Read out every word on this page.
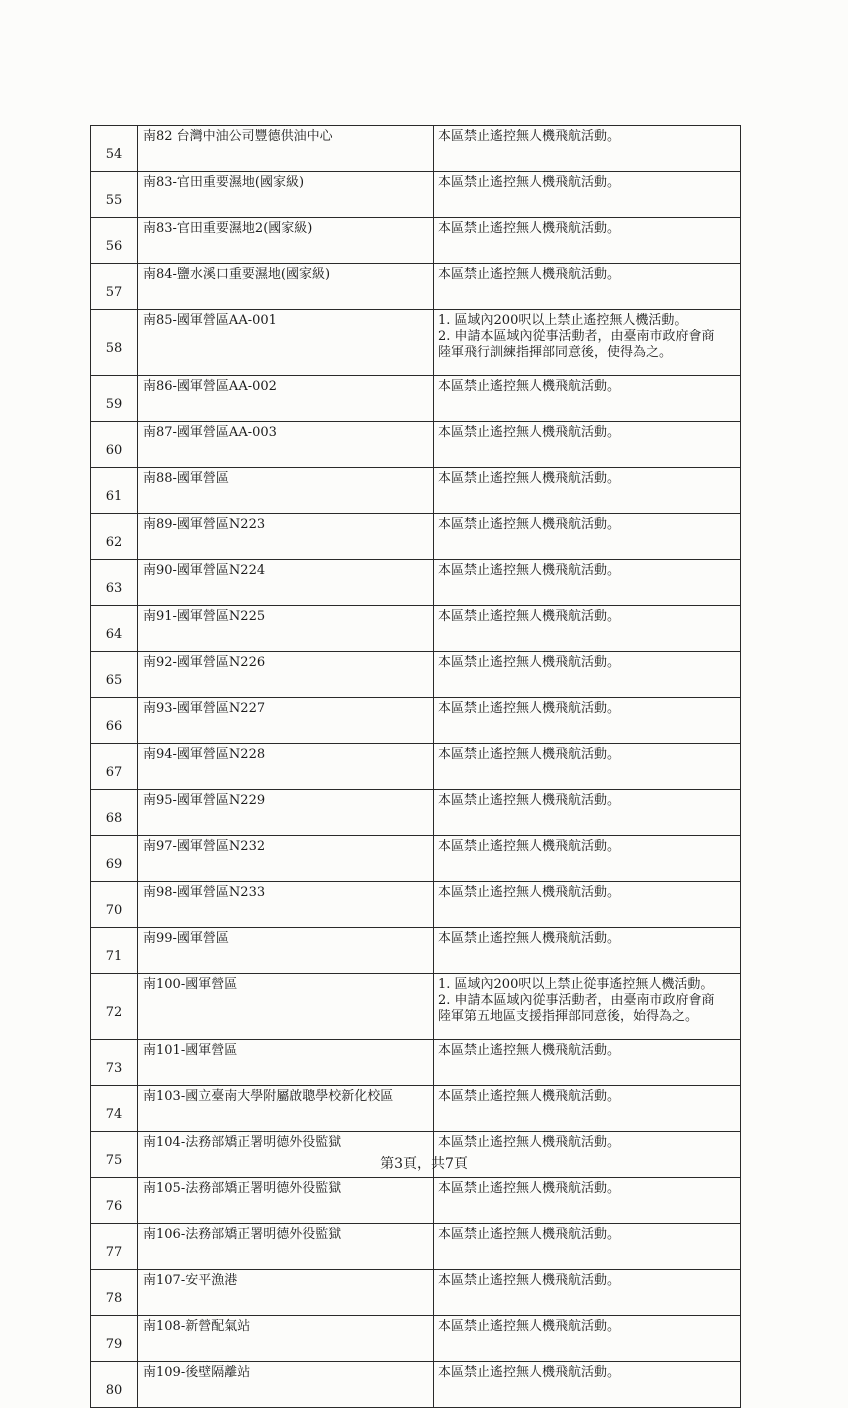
54	南82 台灣中油公司豐德供油中心	本區禁止遙控無人機飛航活動。

55	南83-官田重要濕地(國家級)	本區禁止遙控無人機飛航活動。

56	南83-官田重要濕地2(國家級)	本區禁止遙控無人機飛航活動。

57	南84-鹽水溪口重要濕地(國家級)	本區禁止遙控無人機飛航活動。

58	南85-國軍營區AA-001	1. 區域內200呎以上禁止遙控無人機活動。
2. 申請本區域內從事活動者，由臺南市政府會商
陸軍飛行訓練指揮部同意後，使得為之。

59	南86-國軍營區AA-002	本區禁止遙控無人機飛航活動。

60	南87-國軍營區AA-003	本區禁止遙控無人機飛航活動。

61	南88-國軍營區	本區禁止遙控無人機飛航活動。

62	南89-國軍營區N223	本區禁止遙控無人機飛航活動。

63	南90-國軍營區N224	本區禁止遙控無人機飛航活動。

64	南91-國軍營區N225	本區禁止遙控無人機飛航活動。

65	南92-國軍營區N226	本區禁止遙控無人機飛航活動。

66	南93-國軍營區N227	本區禁止遙控無人機飛航活動。

67	南94-國軍營區N228	本區禁止遙控無人機飛航活動。

68	南95-國軍營區N229	本區禁止遙控無人機飛航活動。

69	南97-國軍營區N232	本區禁止遙控無人機飛航活動。

70	南98-國軍營區N233	本區禁止遙控無人機飛航活動。

71	南99-國軍營區	本區禁止遙控無人機飛航活動。

72	南100-國軍營區	1. 區域內200呎以上禁止從事遙控無人機活動。
2. 申請本區域內從事活動者，由臺南市政府會商
陸軍第五地區支援指揮部同意後，始得為之。

73	南101-國軍營區	本區禁止遙控無人機飛航活動。

74	南103-國立臺南大學附屬啟聰學校新化校區	本區禁止遙控無人機飛航活動。

75	南104-法務部矯正署明德外役監獄	本區禁止遙控無人機飛航活動。

76	南105-法務部矯正署明德外役監獄	本區禁止遙控無人機飛航活動。

77	南106-法務部矯正署明德外役監獄	本區禁止遙控無人機飛航活動。

78	南107-安平漁港	本區禁止遙控無人機飛航活動。

79	南108-新營配氣站	本區禁止遙控無人機飛航活動。

80	南109-後壁隔離站	本區禁止遙控無人機飛航活動。
第3頁，共7頁
